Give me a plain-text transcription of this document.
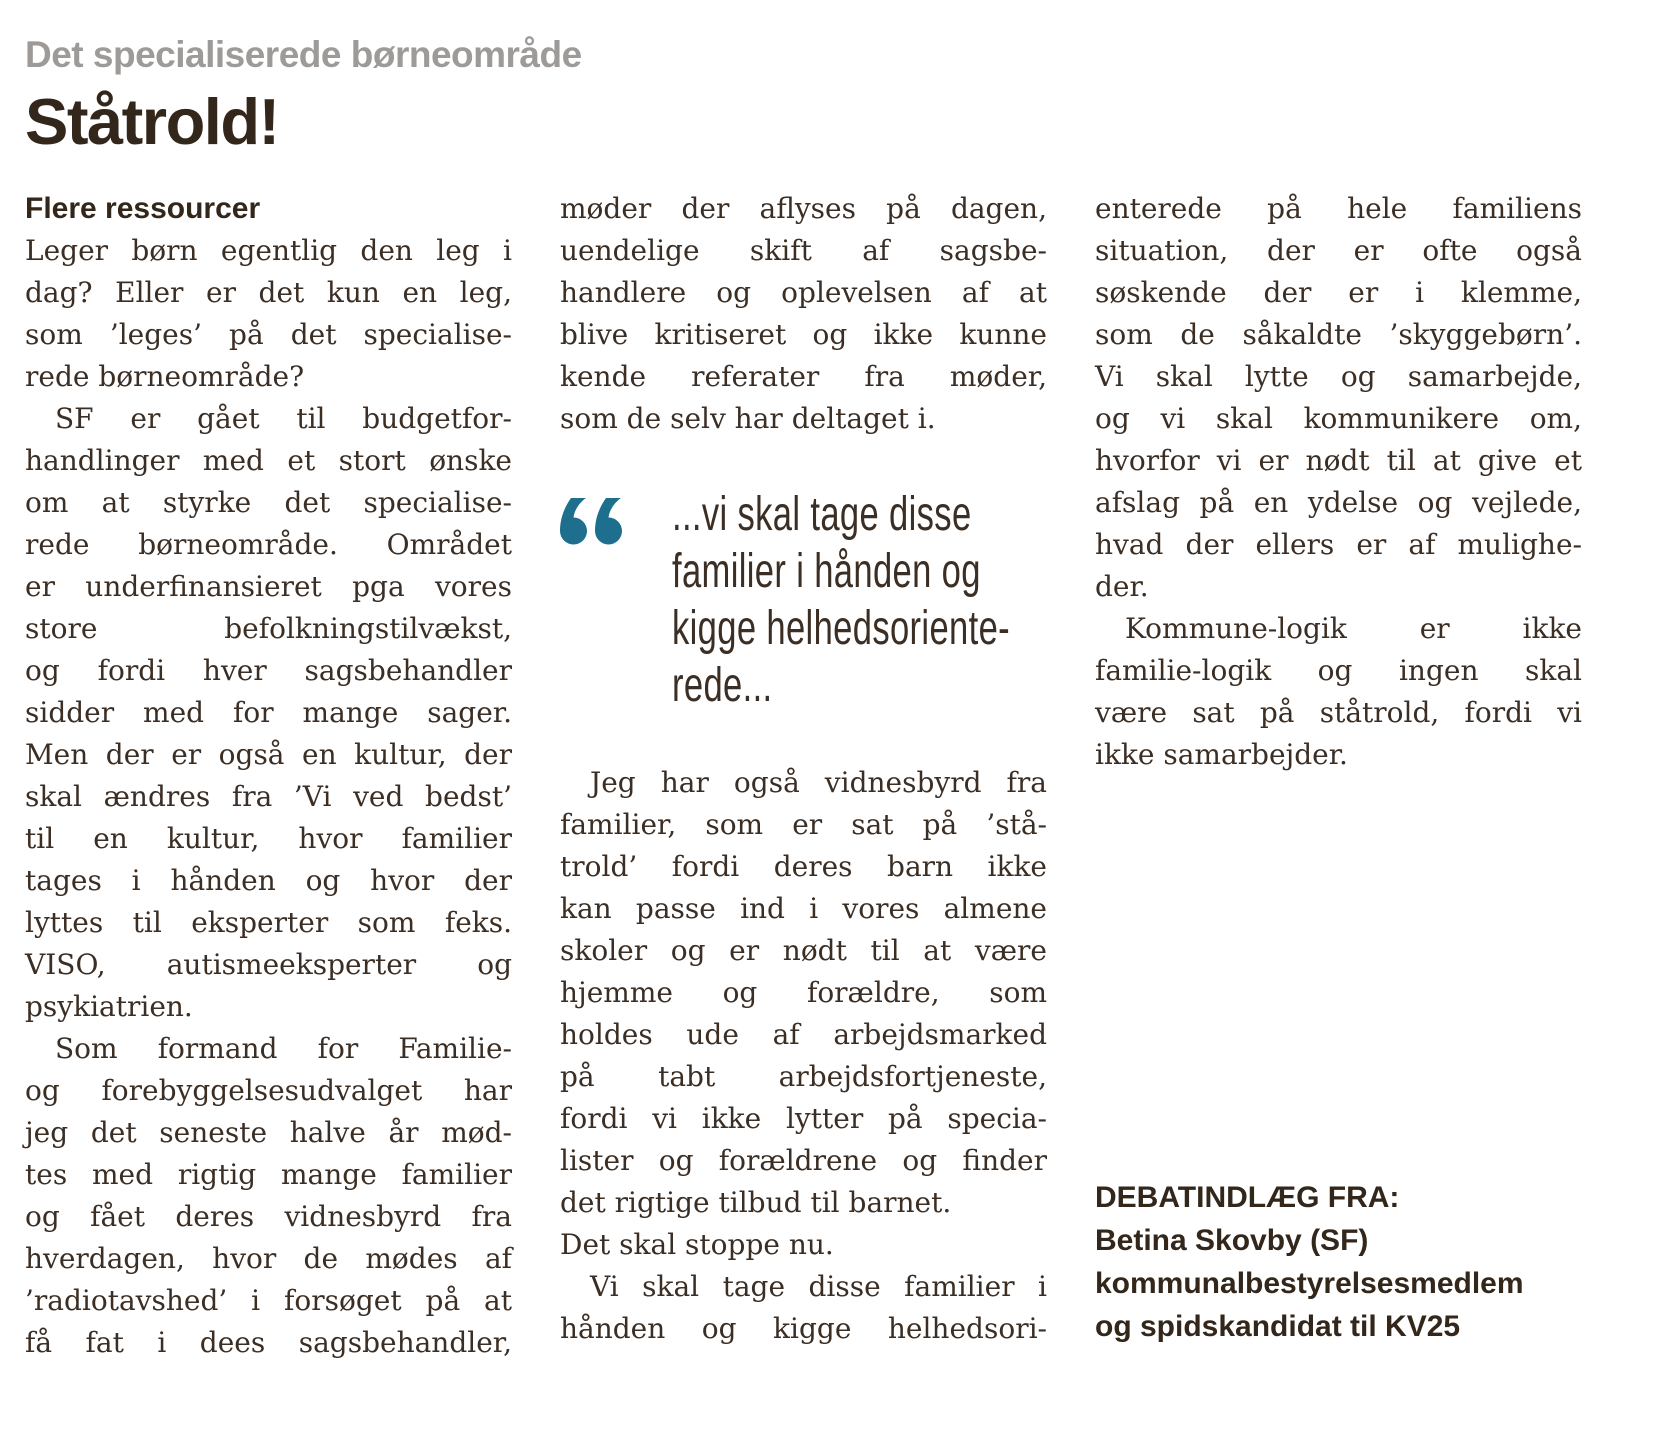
Det specialiserede børneområde
Ståtrold!
Flere ressourcer
Leger børn egentlig den leg i
dag? Eller er det kun en leg,
som ’leges’ på det specialise-
rede børneområde?
SF er gået til budgetfor-
handlinger med et stort ønske
om at styrke det specialise-
rede børneområde. Området
er underfinansieret pga vores
store befolkningstilvækst,
og fordi hver sagsbehandler
sidder med for mange sager.
Men der er også en kultur, der
skal ændres fra ’Vi ved bedst’
til en kultur, hvor familier
tages i hånden og hvor der
lyttes til eksperter som feks.
VISO, autismeeksperter og
psykiatrien.
Som formand for Familie-
og forebyggelsesudvalget har
jeg det seneste halve år mød-
tes med rigtig mange familier
og fået deres vidnesbyrd fra
hverdagen, hvor de mødes af
’radiotavshed’ i forsøget på at
få fat i dees sagsbehandler,
møder der aflyses på dagen,
uendelige skift af sagsbe-
handlere og oplevelsen af at
blive kritiseret og ikke kunne
kende referater fra møder,
som de selv har deltaget i.
...vi skal tage disse
familier i hånden og
kigge helhedsoriente-
rede...
Jeg har også vidnesbyrd fra
familier, som er sat på ’stå-
trold’ fordi deres barn ikke
kan passe ind i vores almene
skoler og er nødt til at være
hjemme og forældre, som
holdes ude af arbejdsmarked
på tabt arbejdsfortjeneste,
fordi vi ikke lytter på specia-
lister og forældrene og finder
det rigtige tilbud til barnet.
Det skal stoppe nu.
Vi skal tage disse familier i
hånden og kigge helhedsori-
enterede på hele familiens
situation, der er ofte også
søskende der er i klemme,
som de såkaldte ’skyggebørn’.
Vi skal lytte og samarbejde,
og vi skal kommunikere om,
hvorfor vi er nødt til at give et
afslag på en ydelse og vejlede,
hvad der ellers er af mulighe-
der.
Kommune-logik er ikke
familie-logik og ingen skal
være sat på ståtrold, fordi vi
ikke samarbejder.
DEBATINDLÆG FRA:
Betina Skovby (SF)
kommunalbestyrelsesmedlem
og spidskandidat til KV25
